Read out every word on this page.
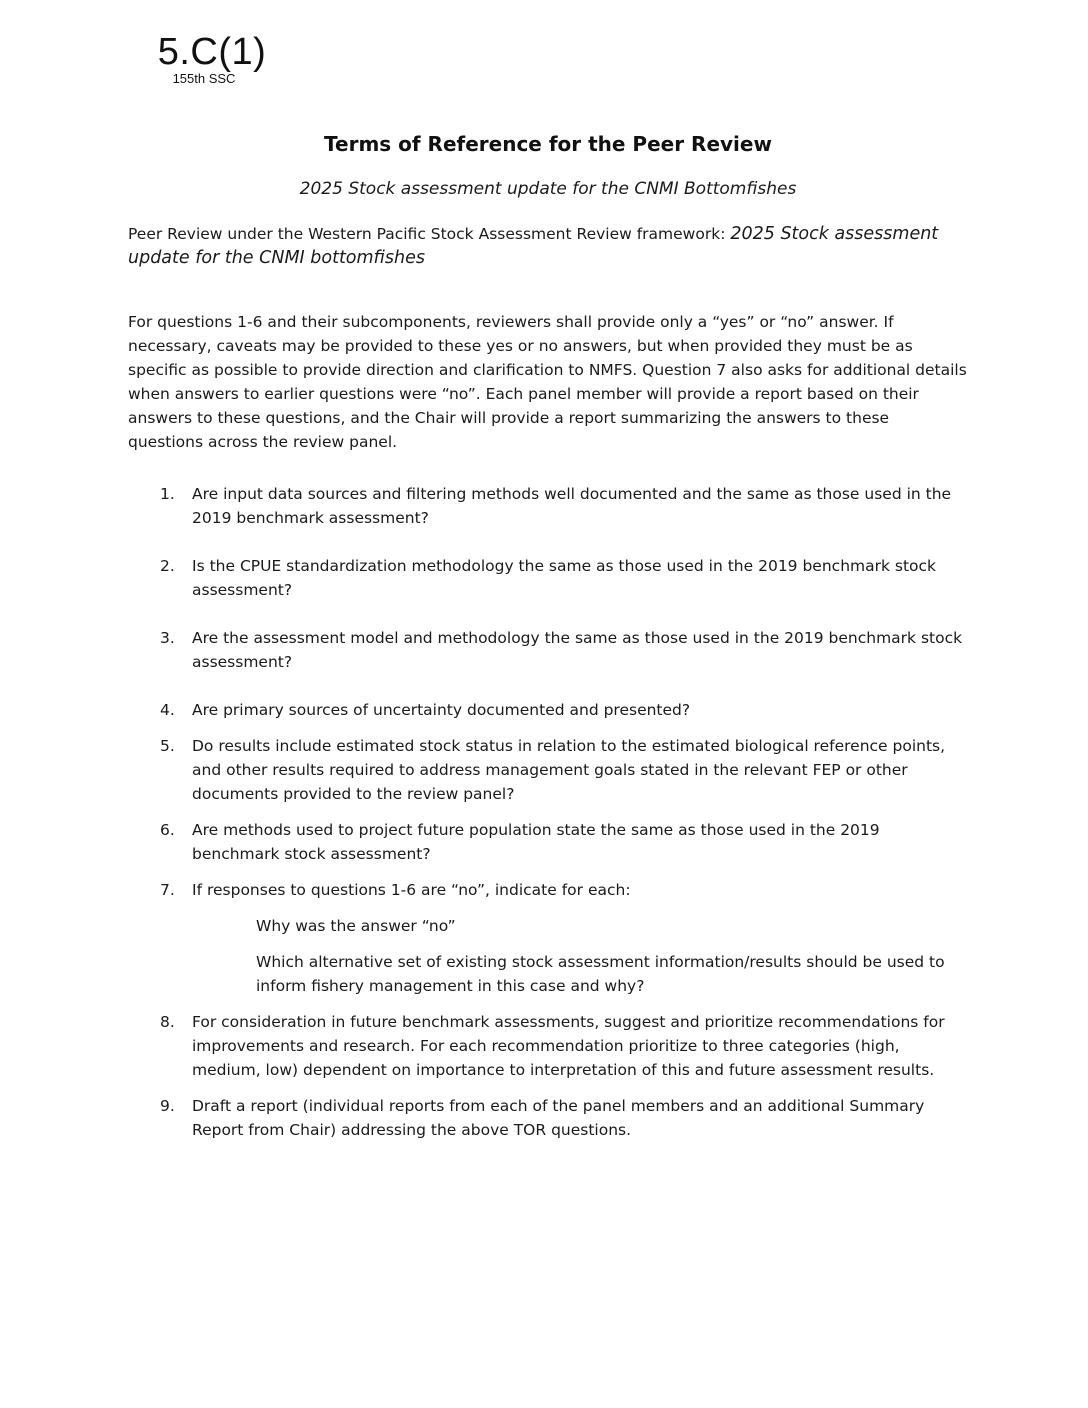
5.C(1)
155th SSC
Terms of Reference for the Peer Review
2025 Stock assessment update for the CNMI Bottomfishes

Peer Review under the Western Pacific Stock Assessment Review framework: 2025 Stock assessment update for the CNMI bottomfishes

For questions 1-6 and their subcomponents, reviewers shall provide only a “yes” or “no” answer. If necessary, caveats may be provided to these yes or no answers, but when provided they must be as specific as possible to provide direction and clarification to NMFS. Question 7 also asks for additional details when answers to earlier questions were “no”. Each panel member will provide a report based on their answers to these questions, and the Chair will provide a report summarizing the answers to these questions across the review panel.

1. Are input data sources and filtering methods well documented and the same as those used in the 2019 benchmark assessment?
2. Is the CPUE standardization methodology the same as those used in the 2019 benchmark stock assessment?
3. Are the assessment model and methodology the same as those used in the 2019 benchmark stock assessment?
4. Are primary sources of uncertainty documented and presented?
5. Do results include estimated stock status in relation to the estimated biological reference points, and other results required to address management goals stated in the relevant FEP or other documents provided to the review panel?
6. Are methods used to project future population state the same as those used in the 2019 benchmark stock assessment?
7. If responses to questions 1-6 are “no”, indicate for each:
Why was the answer “no”
Which alternative set of existing stock assessment information/results should be used to inform fishery management in this case and why?
8. For consideration in future benchmark assessments, suggest and prioritize recommendations for improvements and research. For each recommendation prioritize to three categories (high, medium, low) dependent on importance to interpretation of this and future assessment results.
9. Draft a report (individual reports from each of the panel members and an additional Summary Report from Chair) addressing the above TOR questions.
